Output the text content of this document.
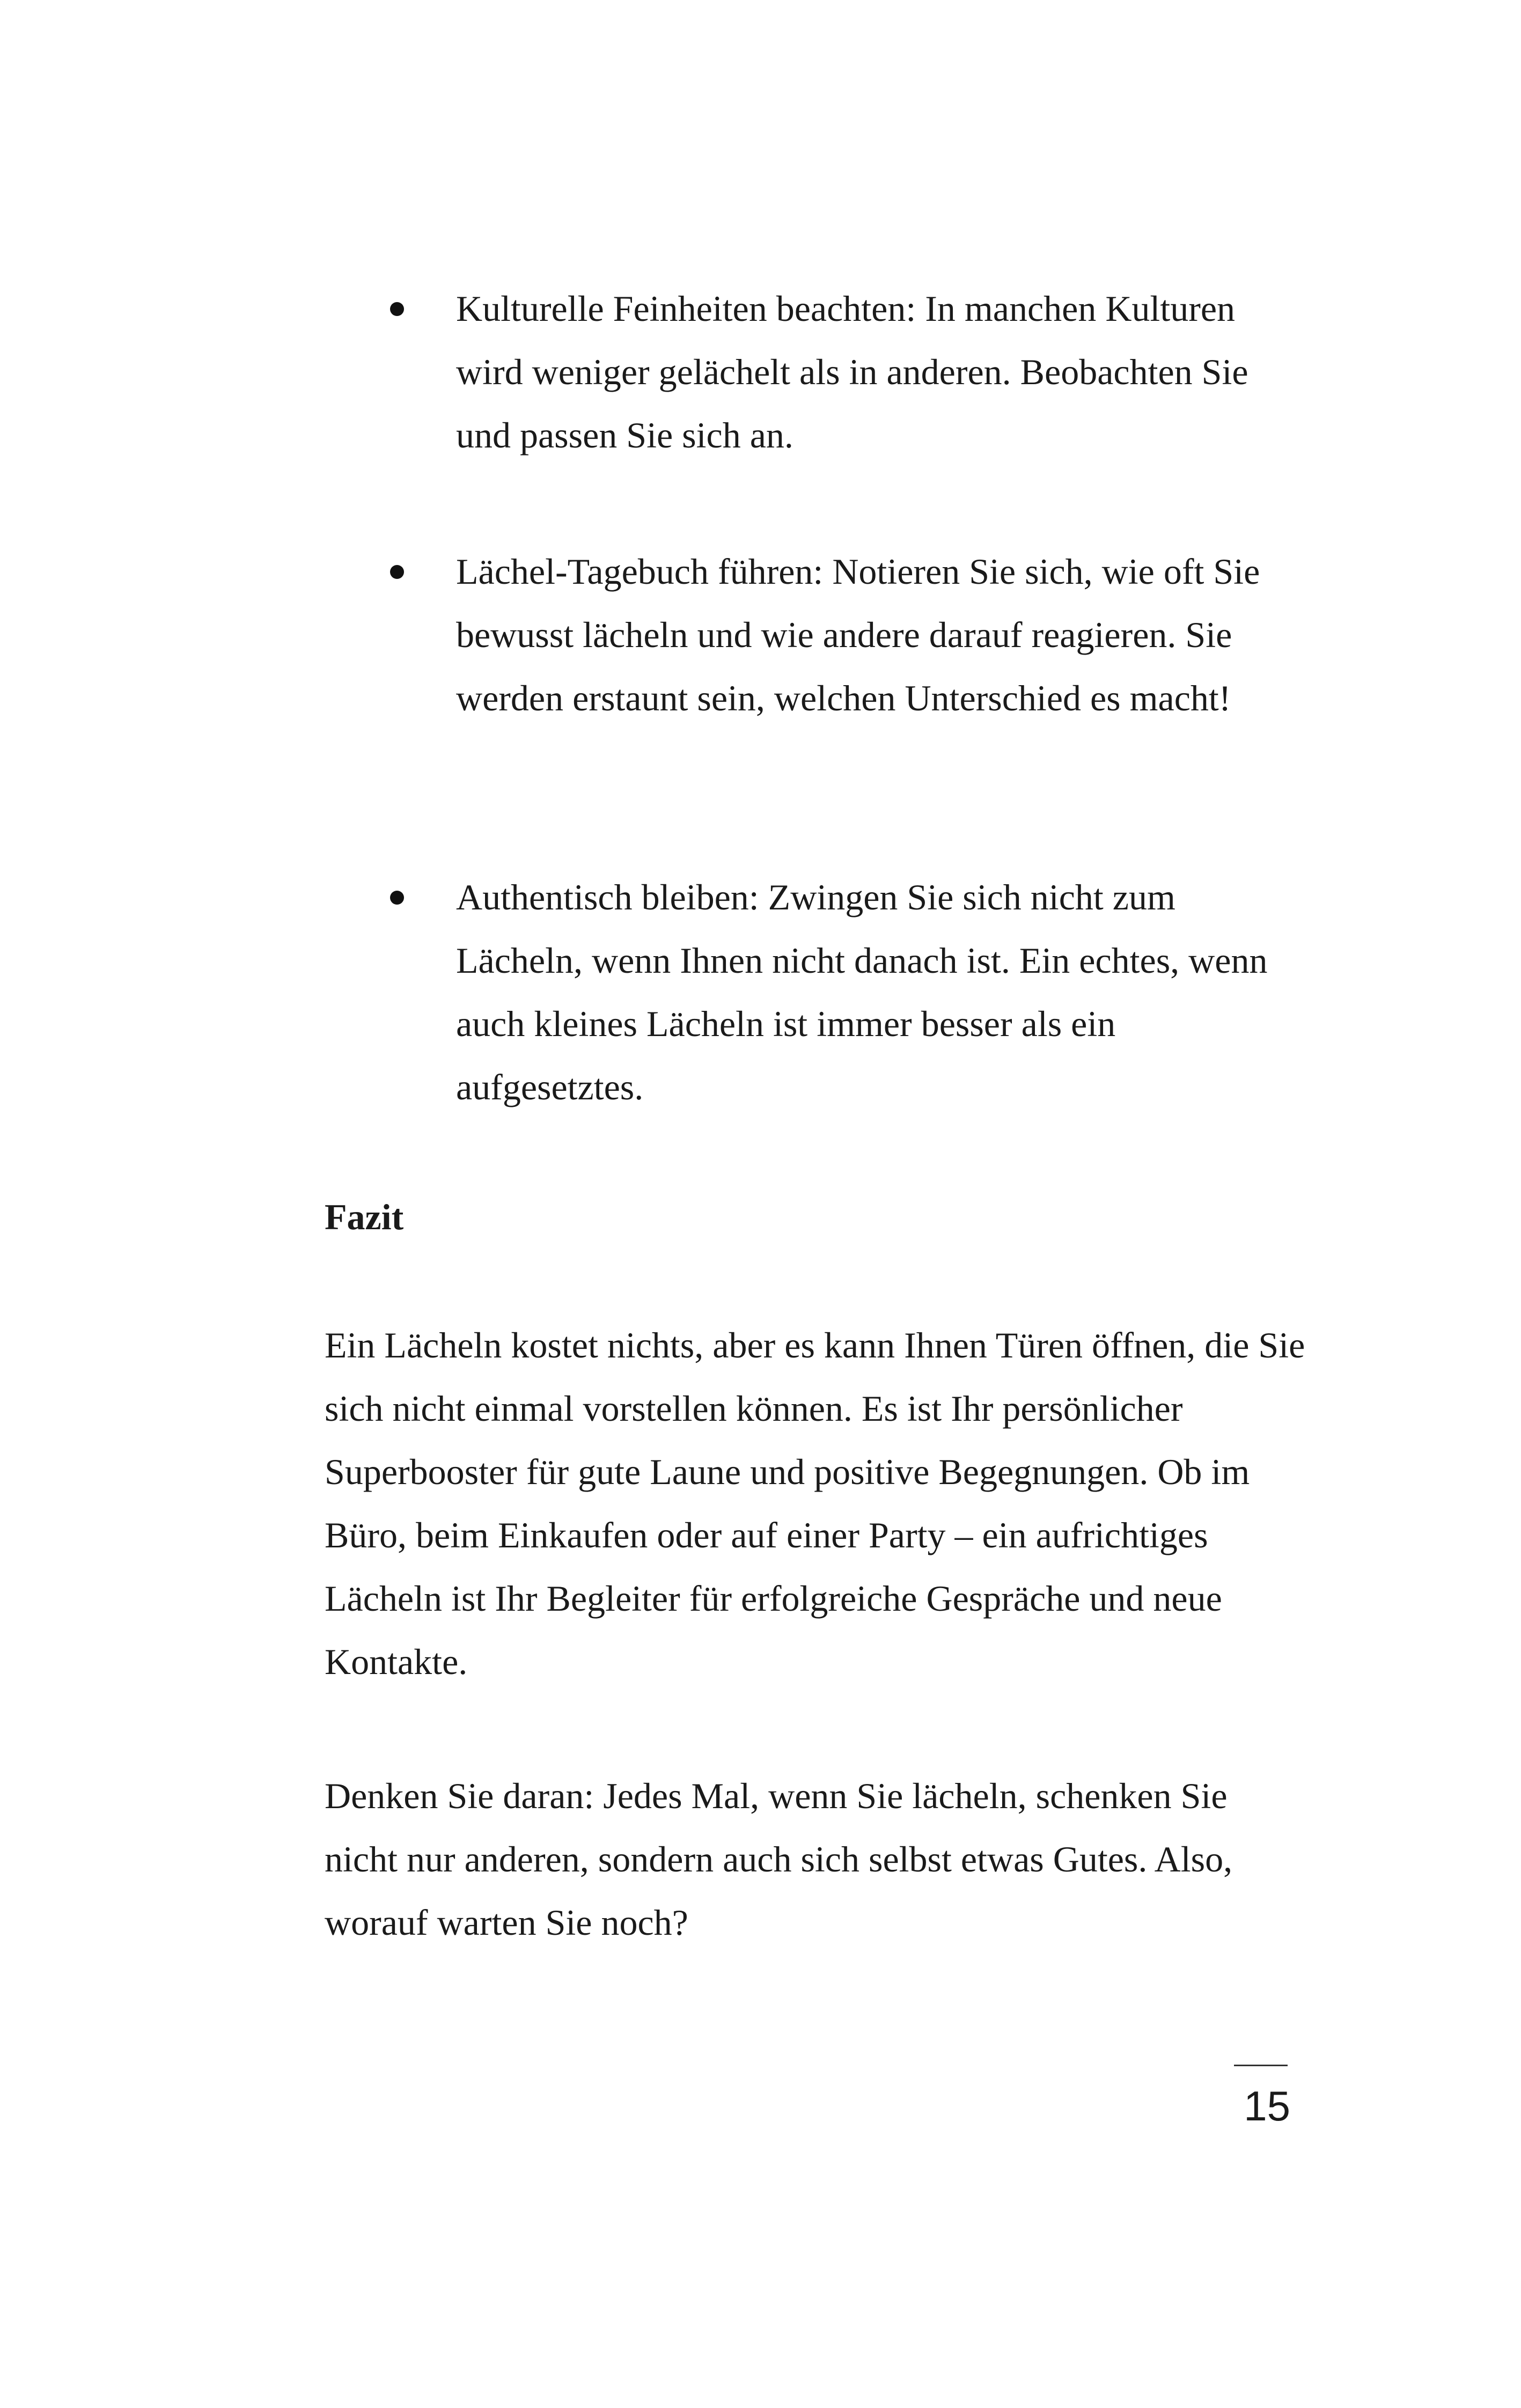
Kulturelle Feinheiten beachten: In manchen Kulturen wird weniger gelächelt als in anderen. Beobachten Sie und passen Sie sich an.
Lächel-Tagebuch führen: Notieren Sie sich, wie oft Sie bewusst lächeln und wie andere darauf reagieren. Sie werden erstaunt sein, welchen Unterschied es macht!
Authentisch bleiben: Zwingen Sie sich nicht zum Lächeln, wenn Ihnen nicht danach ist. Ein echtes, wenn auch kleines Lächeln ist immer besser als ein aufgesetztes.
Fazit

Ein Lächeln kostet nichts, aber es kann Ihnen Türen öffnen, die Sie sich nicht einmal vorstellen können. Es ist Ihr persönlicher Superbooster für gute Laune und positive Begegnungen. Ob im Büro, beim Einkaufen oder auf einer Party – ein aufrichtiges Lächeln ist Ihr Begleiter für erfolgreiche Gespräche und neue Kontakte.

Denken Sie daran: Jedes Mal, wenn Sie lächeln, schenken Sie nicht nur anderen, sondern auch sich selbst etwas Gutes. Also, worauf warten Sie noch?

15
